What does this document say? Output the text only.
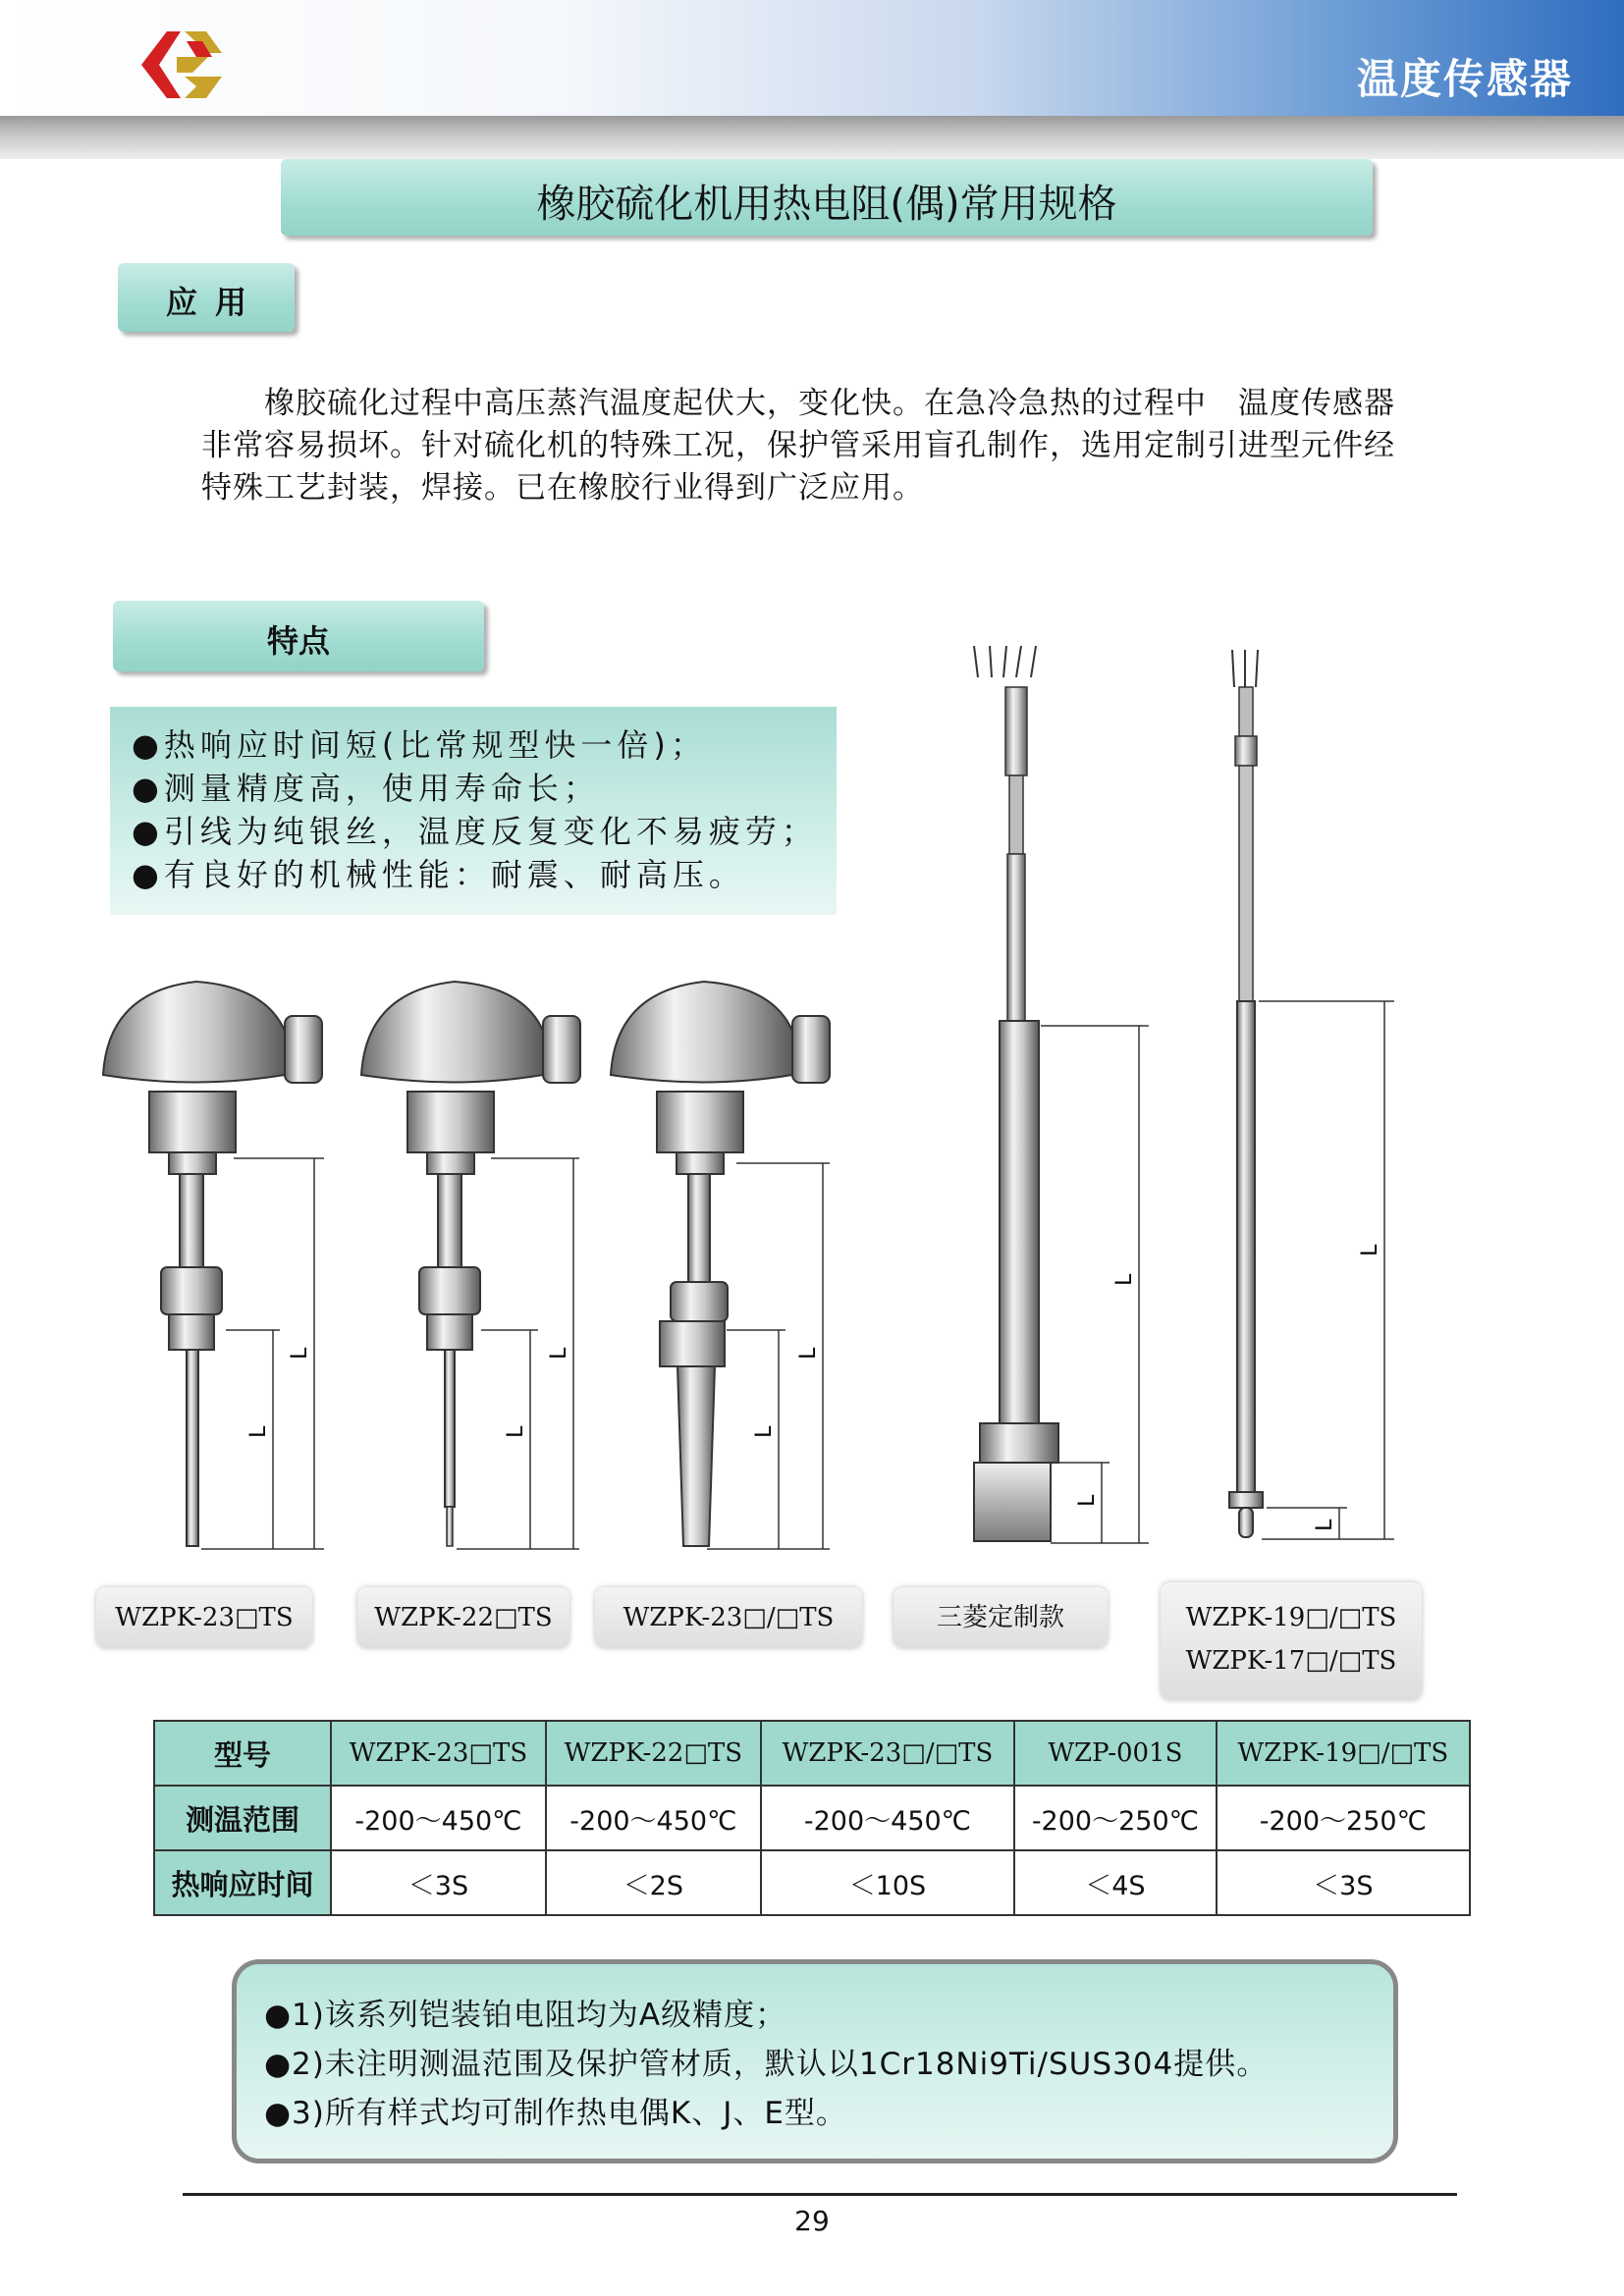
温度传感器
橡胶硫化机用热电阻(偶)常用规格
应用

橡胶硫化过程中高压蒸汽温度起伏大，变化快。在急冷急热的过程中　温度传感器

非常容易损坏。针对硫化机的特殊工况，保护管采用盲孔制作，选用定制引进型元件经

特殊工艺封装，焊接。已在橡胶行业得到广泛应用。

特点
●热响应时间短(比常规型快一倍)；
●测量精度高，使用寿命长；
●引线为纯银丝，温度反复变化不易疲劳；
●有良好的机械性能：耐震、耐高压。
L
L
L
L
L
L
L
L
L
L
WZPK-23□TS	WZPK-22□TS	WZPK-23□/□TS	三菱定制款	WZPK-19□/□TS
WZPK-17□/□TS
型号	WZPK-23□TS	WZPK-22□TS	WZPK-23□/□TS	WZP-001S	WZPK-19□/□TS
测温范围	-200～450℃	-200～450℃	-200～450℃	-200～250℃	-200～250℃
热响应时间	＜3S	＜2S	＜10S	＜4S	＜3S
●1)该系列铠装铂电阻均为A级精度；
●2)未注明测温范围及保护管材质，默认以1Cr18Ni9Ti/SUS304提供。
●3)所有样式均可制作热电偶K、J、E型。
29
